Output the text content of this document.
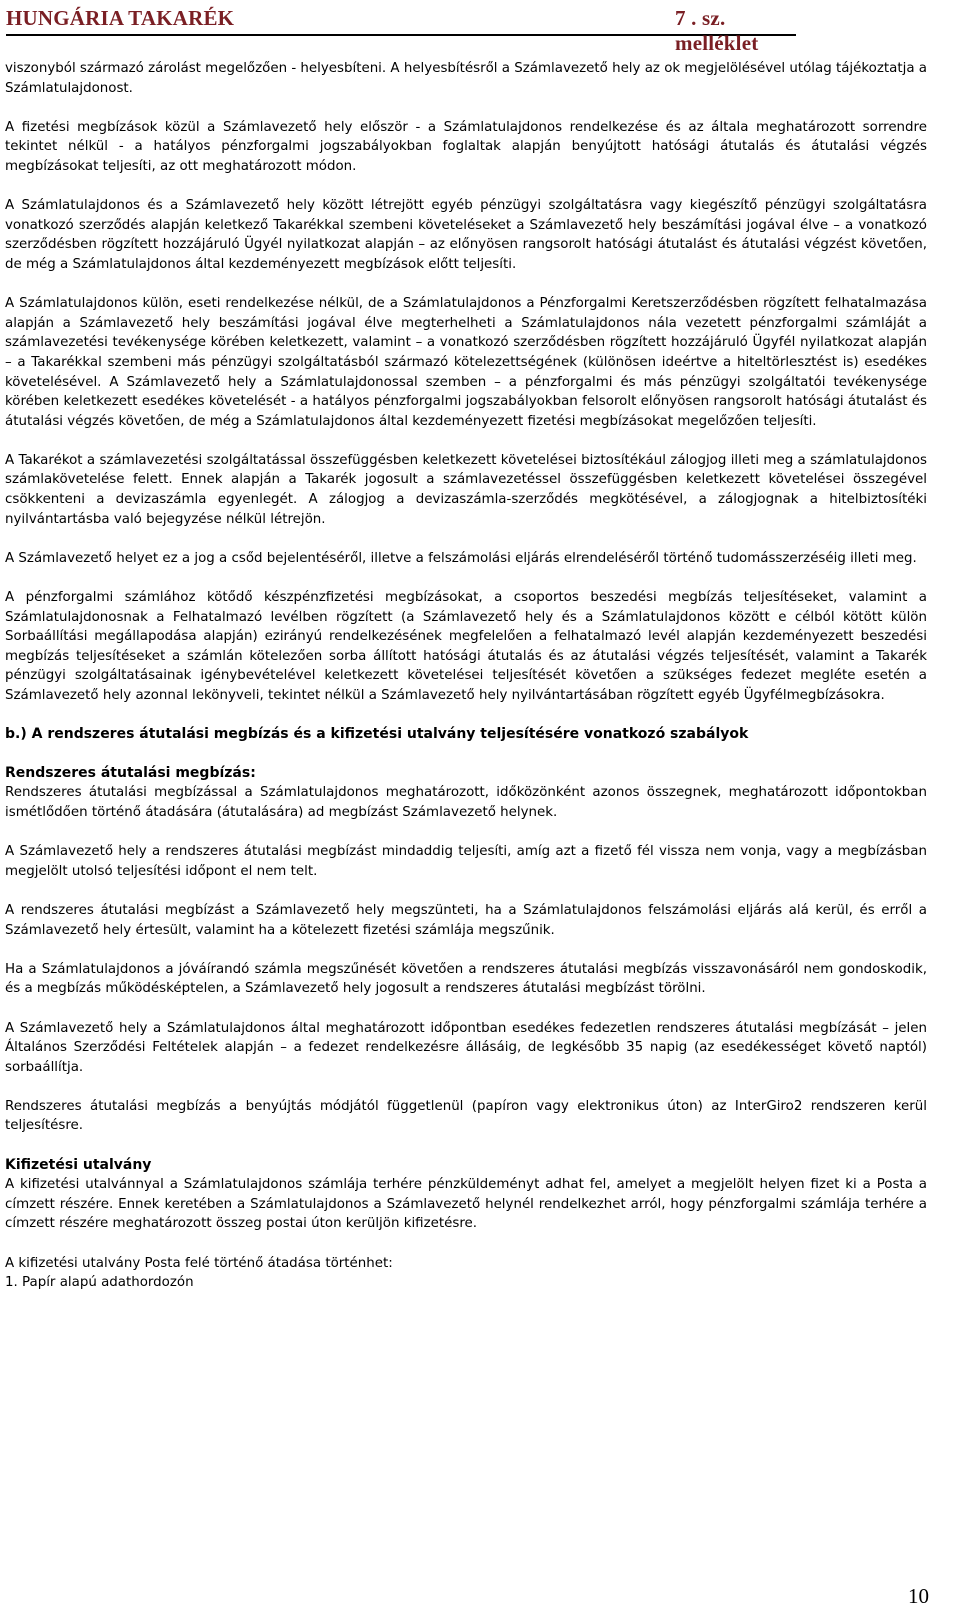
HUNGÁRIA TAKARÉK	7 . sz. melléklet

viszonyból származó zárolást megelőzően - helyesbíteni. A helyesbítésről a Számlavezető hely az ok megjelölésével utólag tájékoztatja a Számlatulajdonost.

A fizetési megbízások közül a Számlavezető hely először - a Számlatulajdonos rendelkezése és az általa meghatározott sorrendre tekintet nélkül - a hatályos pénzforgalmi jogszabályokban foglaltak alapján benyújtott hatósági átutalás és átutalási végzés megbízásokat teljesíti, az ott meghatározott módon.

A Számlatulajdonos és a Számlavezető hely között létrejött egyéb pénzügyi szolgáltatásra vagy kiegészítő pénzügyi szolgáltatásra vonatkozó szerződés alapján keletkező Takarékkal szembeni követeléseket a Számlavezető hely beszámítási jogával élve – a vonatkozó szerződésben rögzített hozzájáruló Ügyél nyilatkozat alapján – az előnyösen rangsorolt hatósági átutalást és átutalási végzést követően, de még a Számlatulajdonos által kezdeményezett megbízások előtt teljesíti.

A Számlatulajdonos külön, eseti rendelkezése nélkül, de a Számlatulajdonos a Pénzforgalmi Keretszerződésben rögzített felhatalmazása alapján a Számlavezető hely beszámítási jogával élve megterhelheti a Számlatulajdonos nála vezetett pénzforgalmi számláját a számlavezetési tevékenysége körében keletkezett, valamint – a vonatkozó szerződésben rögzített hozzájáruló Ügyfél nyilatkozat alapján – a Takarékkal szembeni más pénzügyi szolgáltatásból származó kötelezettségének (különösen ideértve a hiteltörlesztést is) esedékes követelésével. A Számlavezető hely a Számlatulajdonossal szemben – a pénzforgalmi és más pénzügyi szolgáltatói tevékenysége körében keletkezett esedékes követelését - a hatályos pénzforgalmi jogszabályokban felsorolt előnyösen rangsorolt hatósági átutalást és átutalási végzés követően, de még a Számlatulajdonos által kezdeményezett fizetési megbízásokat megelőzően teljesíti.

A Takarékot a számlavezetési szolgáltatással összefüggésben keletkezett követelései biztosítékául zálogjog illeti meg a számlatulajdonos számlakövetelése felett. Ennek alapján a Takarék jogosult a számlavezetéssel összefüggésben keletkezett követelései összegével csökkenteni a devizaszámla egyenlegét. A zálogjog a devizaszámla-szerződés megkötésével, a zálogjognak a hitelbiztosítéki nyilvántartásba való bejegyzése nélkül létrejön.

A Számlavezető helyet ez a jog a csőd bejelentéséről, illetve a felszámolási eljárás elrendeléséről történő tudomásszerzéséig illeti meg.

A pénzforgalmi számlához kötődő készpénzfizetési megbízásokat, a csoportos beszedési megbízás teljesítéseket, valamint a Számlatulajdonosnak a Felhatalmazó levélben rögzített (a Számlavezető hely és a Számlatulajdonos között e célból kötött külön Sorbaállítási megállapodása alapján) ezirányú rendelkezésének megfelelően a felhatalmazó levél alapján kezdeményezett beszedési megbízás teljesítéseket a számlán kötelezően sorba állított hatósági átutalás és az átutalási végzés teljesítését, valamint a Takarék pénzügyi szolgáltatásainak igénybevételével keletkezett követelései teljesítését követően a szükséges fedezet megléte esetén a Számlavezető hely azonnal lekönyveli, tekintet nélkül a Számlavezető hely nyilvántartásában rögzített egyéb Ügyfélmegbízásokra.

b.) A rendszeres átutalási megbízás és a kifizetési utalvány teljesítésére vonatkozó szabályok
Rendszeres átutalási megbízás:

Rendszeres átutalási megbízással a Számlatulajdonos meghatározott, időközönként azonos összegnek, meghatározott időpontokban ismétlődően történő átadására (átutalására) ad megbízást Számlavezető helynek.

A Számlavezető hely a rendszeres átutalási megbízást mindaddig teljesíti, amíg azt a fizető fél vissza nem vonja, vagy a megbízásban megjelölt utolsó teljesítési időpont el nem telt.

A rendszeres átutalási megbízást a Számlavezető hely megszünteti, ha a Számlatulajdonos felszámolási eljárás alá kerül, és erről a Számlavezető hely értesült, valamint ha a kötelezett fizetési számlája megszűnik.

Ha a Számlatulajdonos a jóváírandó számla megszűnését követően a rendszeres átutalási megbízás visszavonásáról nem gondoskodik, és a megbízás működésképtelen, a Számlavezető hely jogosult a rendszeres átutalási megbízást törölni.

A Számlavezető hely a Számlatulajdonos által meghatározott időpontban esedékes fedezetlen rendszeres átutalási megbízását – jelen Általános Szerződési Feltételek alapján – a fedezet rendelkezésre állásáig, de legkésőbb 35 napig (az esedékességet követő naptól) sorbaállítja.

Rendszeres átutalási megbízás a benyújtás módjától függetlenül (papíron vagy elektronikus úton) az InterGiro2 rendszeren kerül teljesítésre.

Kifizetési utalvány

A kifizetési utalvánnyal a Számlatulajdonos számlája terhére pénzküldeményt adhat fel, amelyet a megjelölt helyen fizet ki a Posta a címzett részére. Ennek keretében a Számlatulajdonos a Számlavezető helynél rendelkezhet arról, hogy pénzforgalmi számlája terhére a címzett részére meghatározott összeg postai úton kerüljön kifizetésre.

A kifizetési utalvány Posta felé történő átadása történhet:

1. Papír alapú adathordozón

10
